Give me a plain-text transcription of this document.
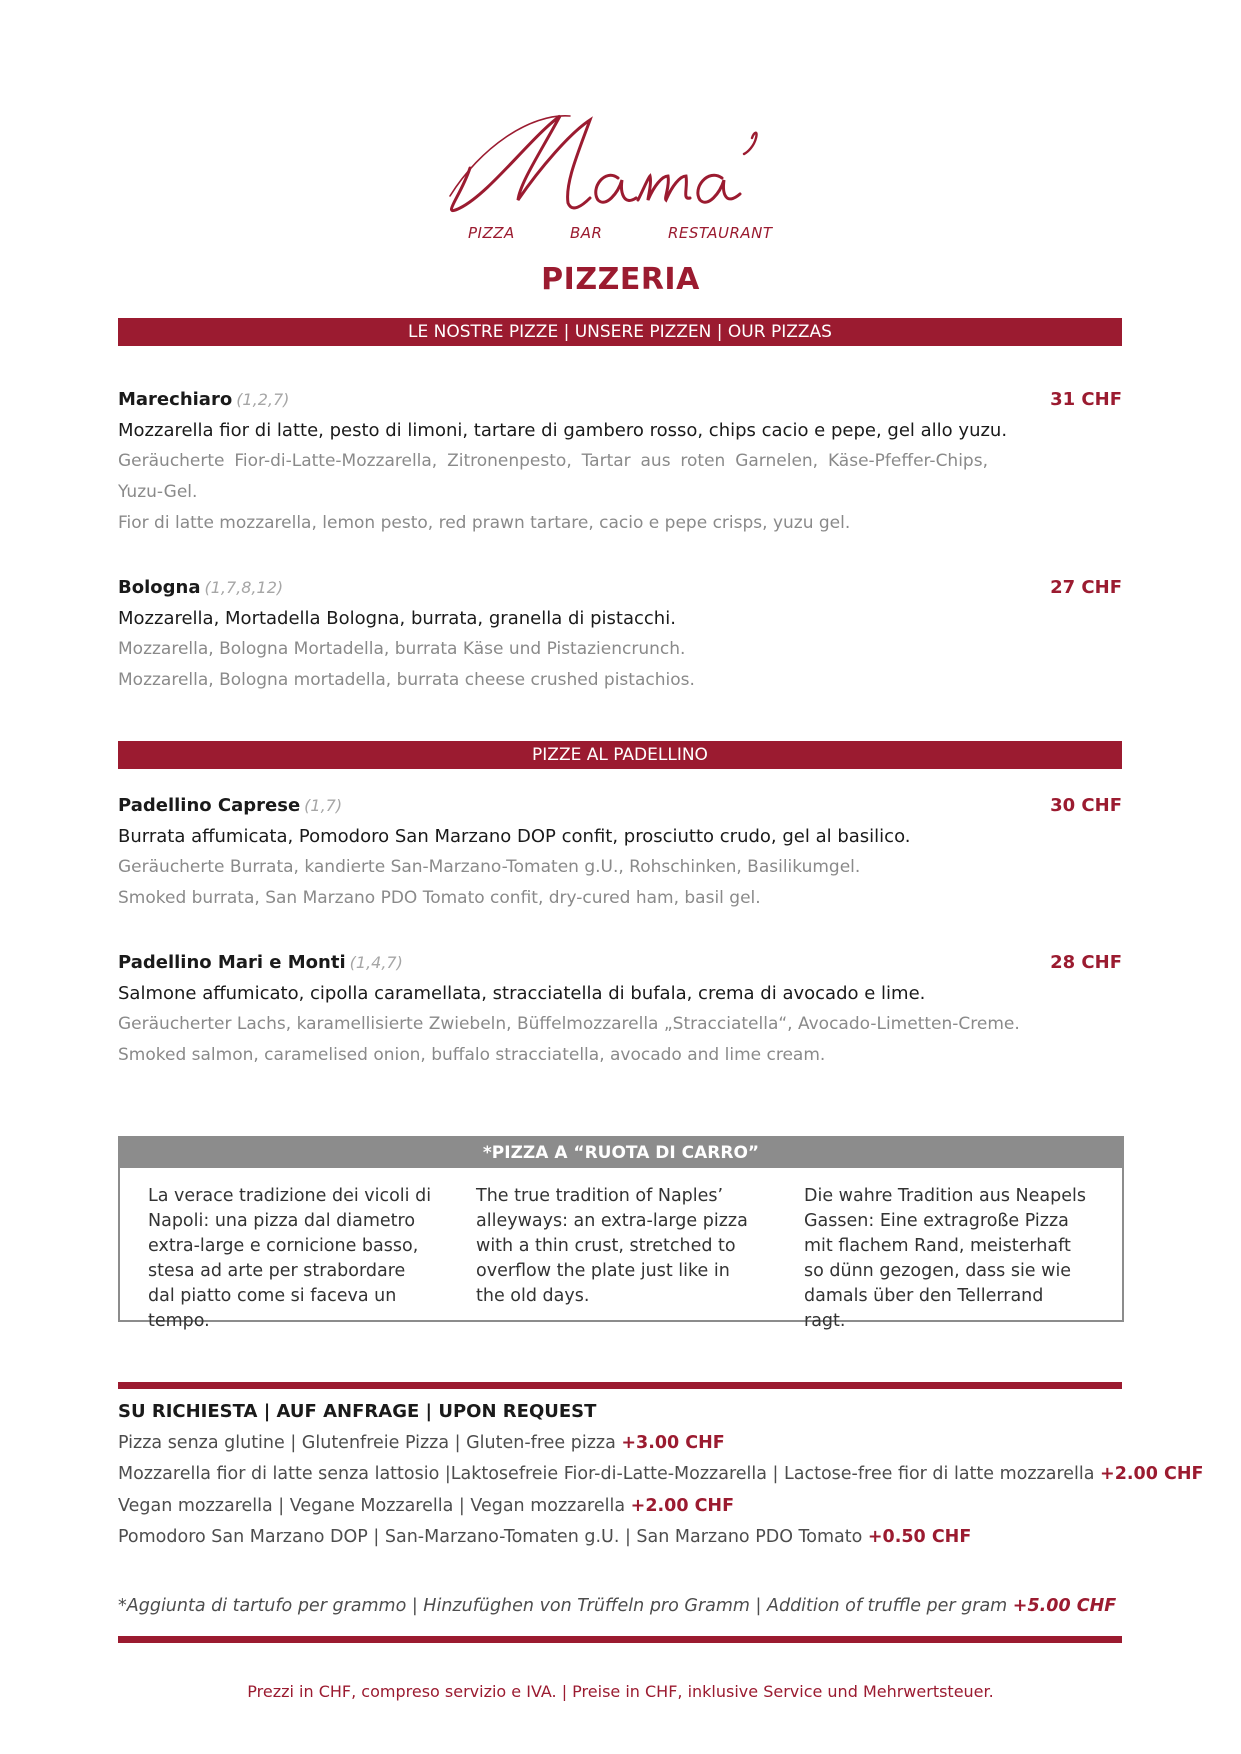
PIZZA	BAR	RESTAURANT
PIZZERIA
LE NOSTRE PIZZE | UNSERE PIZZEN | OUR PIZZAS
Marechiaro (1,2,7)	31 CHF
Mozzarella fior di latte, pesto di limoni, tartare di gambero rosso, chips cacio e pepe, gel allo yuzu.
Geräucherte Fior-di-Latte-Mozzarella, Zitronenpesto, Tartar aus roten Garnelen, Käse-Pfeffer-Chips, Yuzu-Gel.
Fior di latte mozzarella, lemon pesto, red prawn tartare, cacio e pepe crisps, yuzu gel.
Bologna (1,7,8,12)	27 CHF
Mozzarella, Mortadella Bologna, burrata, granella di pistacchi.
Mozzarella, Bologna Mortadella, burrata Käse und Pistaziencrunch.
Mozzarella, Bologna mortadella, burrata cheese crushed pistachios.
PIZZE AL PADELLINO
Padellino Caprese (1,7)	30 CHF
Burrata affumicata, Pomodoro San Marzano DOP confit, prosciutto crudo, gel al basilico.
Geräucherte Burrata, kandierte San-Marzano-Tomaten g.U., Rohschinken, Basilikumgel.
Smoked burrata, San Marzano PDO Tomato confit, dry-cured ham, basil gel.
Padellino Mari e Monti (1,4,7)	28 CHF
Salmone affumicato, cipolla caramellata, stracciatella di bufala, crema di avocado e lime.
Geräucherter Lachs, karamellisierte Zwiebeln, Büffelmozzarella „Stracciatella“, Avocado-Limetten-Creme.
Smoked salmon, caramelised onion, buffalo stracciatella, avocado and lime cream.
*PIZZA A “RUOTA DI CARRO”
La verace tradizione dei vicoli di Napoli: una pizza dal diametro extra-large e cornicione basso, stesa ad arte per strabordare dal piatto come si faceva un tempo.
The true tradition of Naples’ alleyways: an extra-large pizza with a thin crust, stretched to overflow the plate just like in the old days.
Die wahre Tradition aus Neapels Gassen: Eine extragroße Pizza mit flachem Rand, meisterhaft so dünn gezogen, dass sie wie damals über den Tellerrand ragt.
SU RICHIESTA | AUF ANFRAGE | UPON REQUEST
Pizza senza glutine | Glutenfreie Pizza | Gluten-free pizza +3.00 CHF
Mozzarella fior di latte senza lattosio |Laktosefreie Fior-di-Latte-Mozzarella | Lactose-free fior di latte mozzarella +2.00 CHF
Vegan mozzarella | Vegane Mozzarella | Vegan mozzarella +2.00 CHF
Pomodoro San Marzano DOP | San-Marzano-Tomaten g.U. | San Marzano PDO Tomato +0.50 CHF
*Aggiunta di tartufo per grammo | Hinzufüghen von Trüffeln pro Gramm | Addition of truffle per gram +5.00 CHF
Prezzi in CHF, compreso servizio e IVA. | Preise in CHF, inklusive Service und Mehrwertsteuer.
